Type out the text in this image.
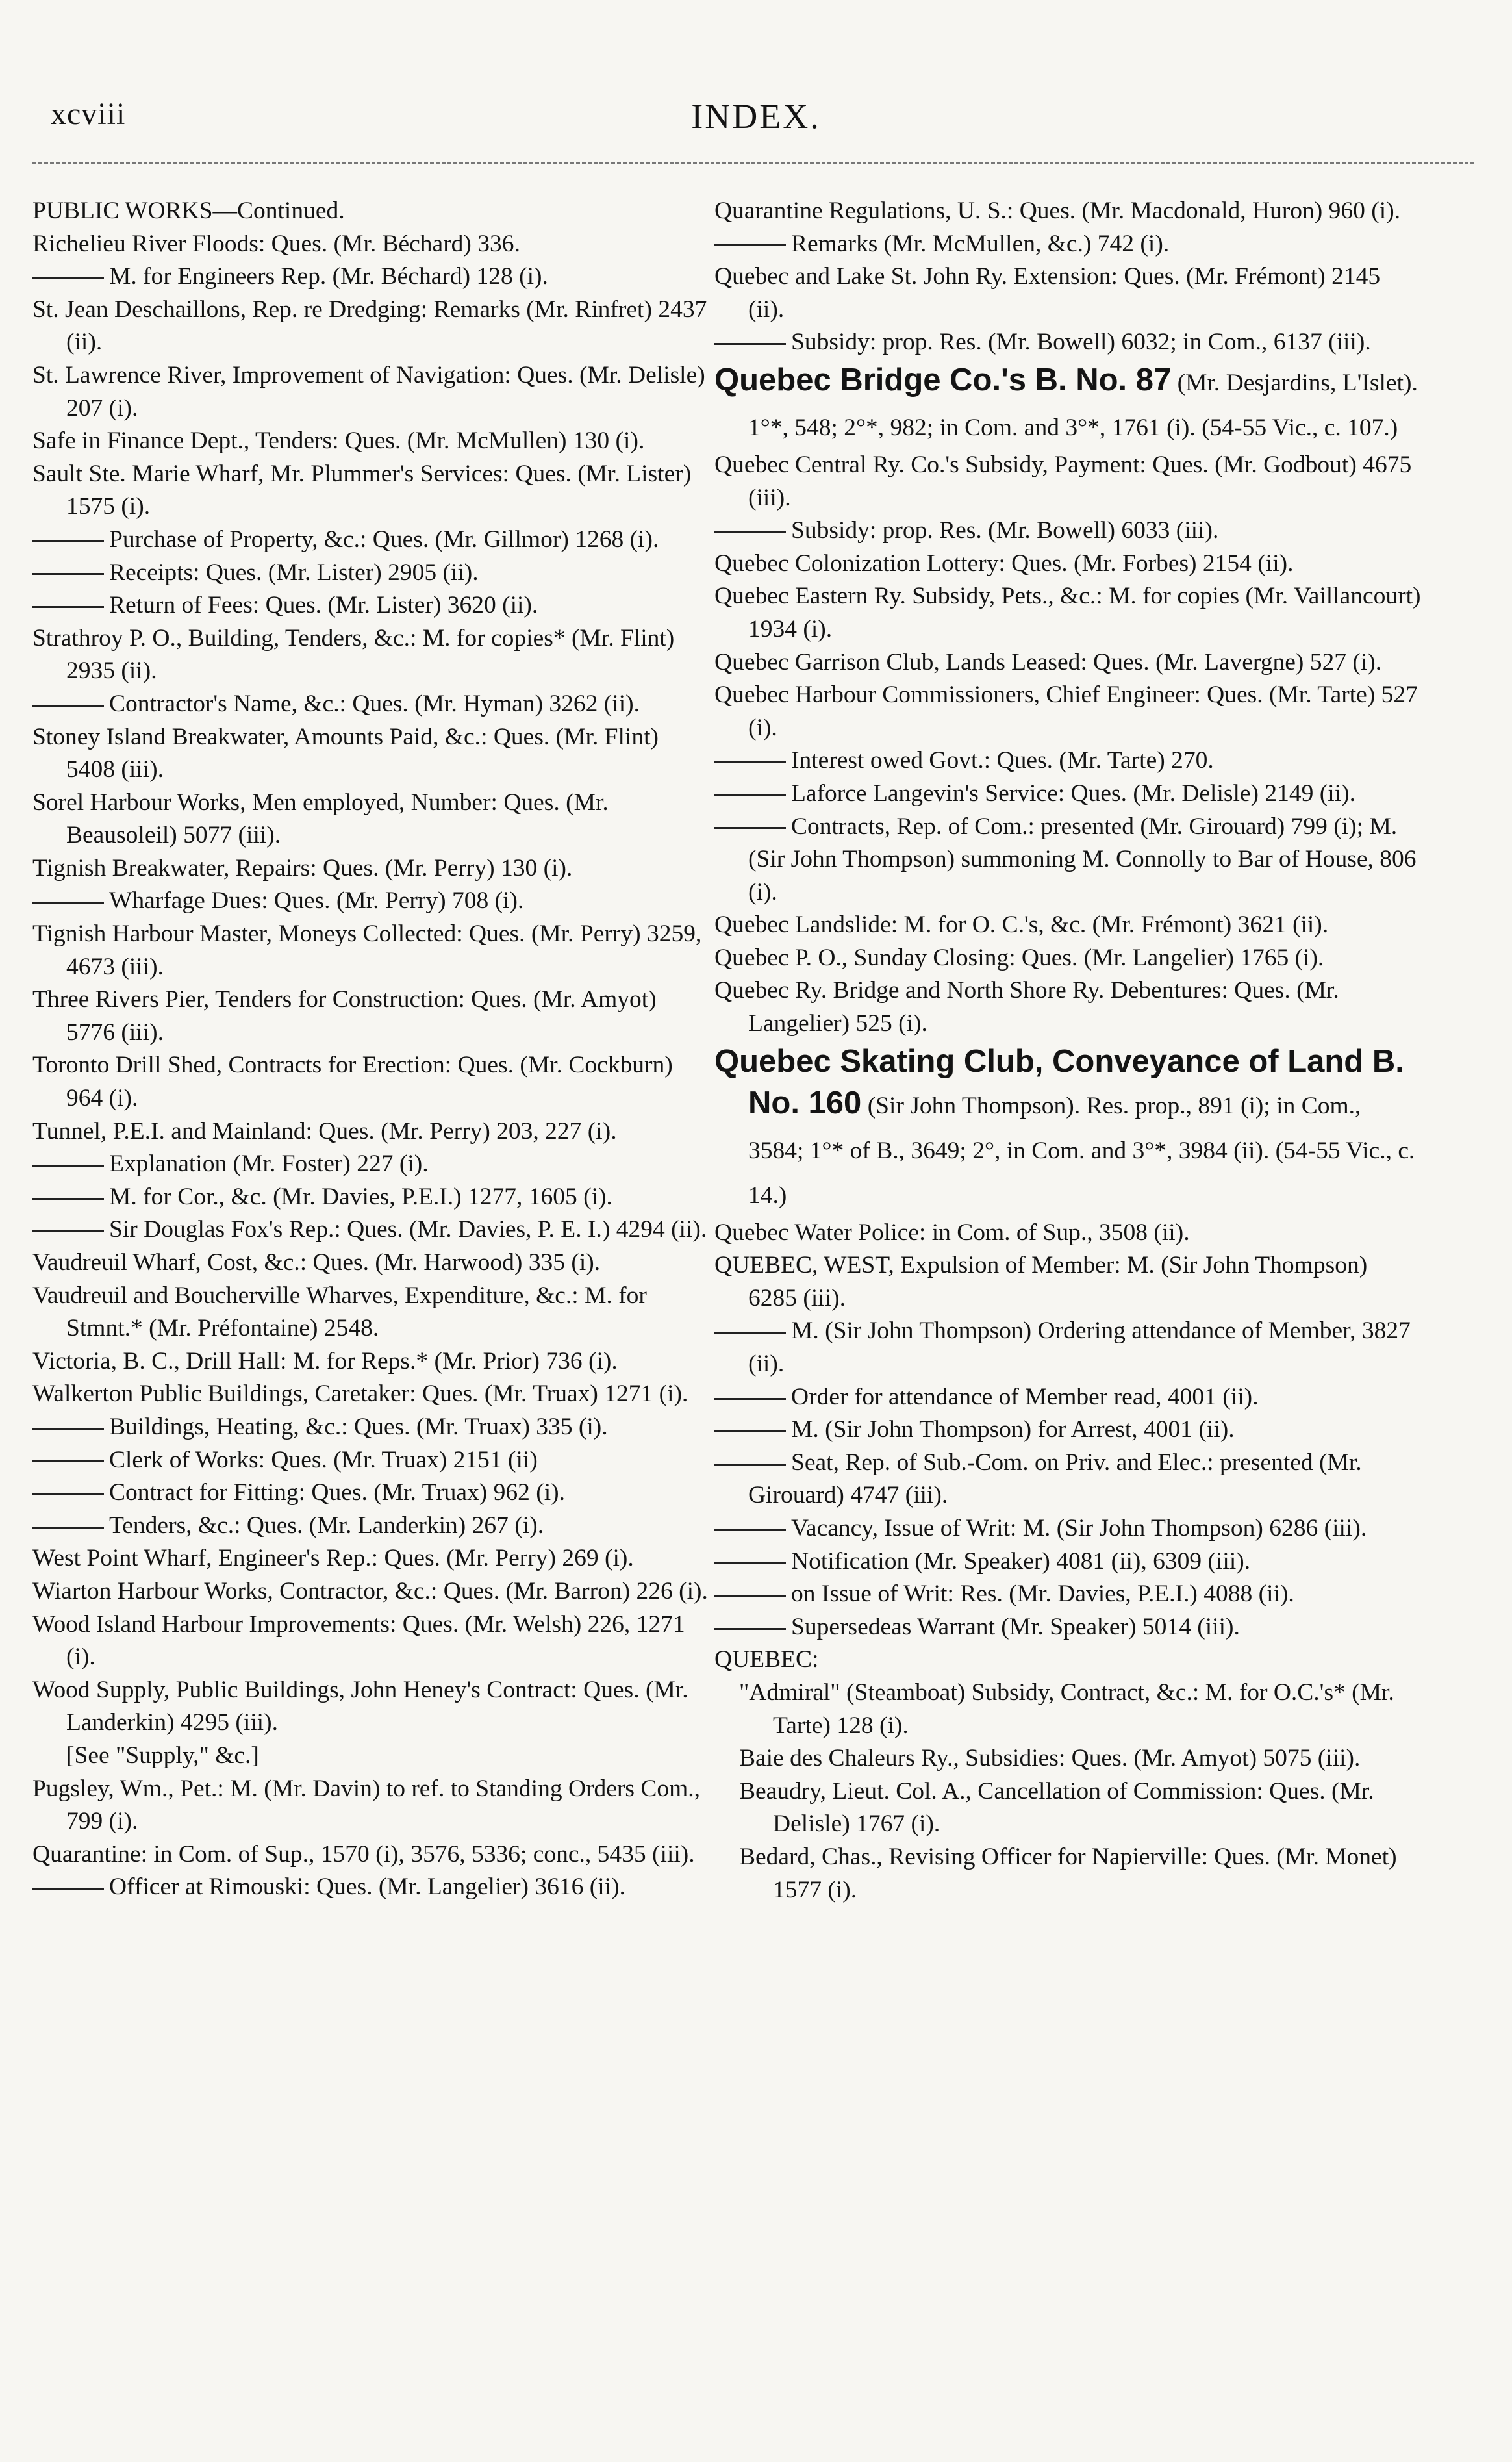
xcviii	INDEX.
PUBLIC WORKS—Continued.
Richelieu River Floods: Ques. (Mr. Béchard) 336.
M. for Engineers Rep. (Mr. Béchard) 128 (i).
St. Jean Deschaillons, Rep. re Dredging: Remarks (Mr. Rinfret) 2437 (ii).
St. Lawrence River, Improvement of Navigation: Ques. (Mr. Delisle) 207 (i).
Safe in Finance Dept., Tenders: Ques. (Mr. McMullen) 130 (i).
Sault Ste. Marie Wharf, Mr. Plummer's Services: Ques. (Mr. Lister) 1575 (i).
Purchase of Property, &c.: Ques. (Mr. Gillmor) 1268 (i).
Receipts: Ques. (Mr. Lister) 2905 (ii).
Return of Fees: Ques. (Mr. Lister) 3620 (ii).
Strathroy P. O., Building, Tenders, &c.: M. for copies* (Mr. Flint) 2935 (ii).
Contractor's Name, &c.: Ques. (Mr. Hyman) 3262 (ii).
Stoney Island Breakwater, Amounts Paid, &c.: Ques. (Mr. Flint) 5408 (iii).
Sorel Harbour Works, Men employed, Number: Ques. (Mr. Beausoleil) 5077 (iii).
Tignish Breakwater, Repairs: Ques. (Mr. Perry) 130 (i).
Wharfage Dues: Ques. (Mr. Perry) 708 (i).
Tignish Harbour Master, Moneys Collected: Ques. (Mr. Perry) 3259, 4673 (iii).
Three Rivers Pier, Tenders for Construction: Ques. (Mr. Amyot) 5776 (iii).
Toronto Drill Shed, Contracts for Erection: Ques. (Mr. Cockburn) 964 (i).
Tunnel, P.E.I. and Mainland: Ques. (Mr. Perry) 203, 227 (i).
Explanation (Mr. Foster) 227 (i).
M. for Cor., &c. (Mr. Davies, P.E.I.) 1277, 1605 (i).
Sir Douglas Fox's Rep.: Ques. (Mr. Davies, P. E. I.) 4294 (ii).
Vaudreuil Wharf, Cost, &c.: Ques. (Mr. Harwood) 335 (i).
Vaudreuil and Boucherville Wharves, Expenditure, &c.: M. for Stmnt.* (Mr. Préfontaine) 2548.
Victoria, B. C., Drill Hall: M. for Reps.* (Mr. Prior) 736 (i).
Walkerton Public Buildings, Caretaker: Ques. (Mr. Truax) 1271 (i).
Buildings, Heating, &c.: Ques. (Mr. Truax) 335 (i).
Clerk of Works: Ques. (Mr. Truax) 2151 (ii)
Contract for Fitting: Ques. (Mr. Truax) 962 (i).
Tenders, &c.: Ques. (Mr. Landerkin) 267 (i).
West Point Wharf, Engineer's Rep.: Ques. (Mr. Perry) 269 (i).
Wiarton Harbour Works, Contractor, &c.: Ques. (Mr. Barron) 226 (i).
Wood Island Harbour Improvements: Ques. (Mr. Welsh) 226, 1271 (i).
Wood Supply, Public Buildings, John Heney's Contract: Ques. (Mr. Landerkin) 4295 (iii).
[See "Supply," &c.]
Pugsley, Wm., Pet.: M. (Mr. Davin) to ref. to Standing Orders Com., 799 (i).
Quarantine: in Com. of Sup., 1570 (i), 3576, 5336; conc., 5435 (iii).
Officer at Rimouski: Ques. (Mr. Langelier) 3616 (ii).
Quarantine Regulations, U. S.: Ques. (Mr. Macdonald, Huron) 960 (i).
Remarks (Mr. McMullen, &c.) 742 (i).
Quebec and Lake St. John Ry. Extension: Ques. (Mr. Frémont) 2145 (ii).
Subsidy: prop. Res. (Mr. Bowell) 6032; in Com., 6137 (iii).
Quebec Bridge Co.'s B. No. 87 (Mr. Desjardins, L'Islet). 1°*, 548; 2°*, 982; in Com. and 3°*, 1761 (i). (54-55 Vic., c. 107.)
Quebec Central Ry. Co.'s Subsidy, Payment: Ques. (Mr. Godbout) 4675 (iii).
Subsidy: prop. Res. (Mr. Bowell) 6033 (iii).
Quebec Colonization Lottery: Ques. (Mr. Forbes) 2154 (ii).
Quebec Eastern Ry. Subsidy, Pets., &c.: M. for copies (Mr. Vaillancourt) 1934 (i).
Quebec Garrison Club, Lands Leased: Ques. (Mr. Lavergne) 527 (i).
Quebec Harbour Commissioners, Chief Engineer: Ques. (Mr. Tarte) 527 (i).
Interest owed Govt.: Ques. (Mr. Tarte) 270.
Laforce Langevin's Service: Ques. (Mr. Delisle) 2149 (ii).
Contracts, Rep. of Com.: presented (Mr. Girouard) 799 (i); M. (Sir John Thompson) summoning M. Connolly to Bar of House, 806 (i).
Quebec Landslide: M. for O. C.'s, &c. (Mr. Frémont) 3621 (ii).
Quebec P. O., Sunday Closing: Ques. (Mr. Langelier) 1765 (i).
Quebec Ry. Bridge and North Shore Ry. Debentures: Ques. (Mr. Langelier) 525 (i).
Quebec Skating Club, Conveyance of Land B. No. 160 (Sir John Thompson). Res. prop., 891 (i); in Com., 3584; 1°* of B., 3649; 2°, in Com. and 3°*, 3984 (ii). (54-55 Vic., c. 14.)
Quebec Water Police: in Com. of Sup., 3508 (ii).
QUEBEC, WEST, Expulsion of Member: M. (Sir John Thompson) 6285 (iii).
M. (Sir John Thompson) Ordering attendance of Member, 3827 (ii).
Order for attendance of Member read, 4001 (ii).
M. (Sir John Thompson) for Arrest, 4001 (ii).
Seat, Rep. of Sub.-Com. on Priv. and Elec.: presented (Mr. Girouard) 4747 (iii).
Vacancy, Issue of Writ: M. (Sir John Thompson) 6286 (iii).
Notification (Mr. Speaker) 4081 (ii), 6309 (iii).
on Issue of Writ: Res. (Mr. Davies, P.E.I.) 4088 (ii).
Supersedeas Warrant (Mr. Speaker) 5014 (iii).
QUEBEC:
"Admiral" (Steamboat) Subsidy, Contract, &c.: M. for O.C.'s* (Mr. Tarte) 128 (i).
Baie des Chaleurs Ry., Subsidies: Ques. (Mr. Amyot) 5075 (iii).
Beaudry, Lieut. Col. A., Cancellation of Commission: Ques. (Mr. Delisle) 1767 (i).
Bedard, Chas., Revising Officer for Napierville: Ques. (Mr. Monet) 1577 (i).
